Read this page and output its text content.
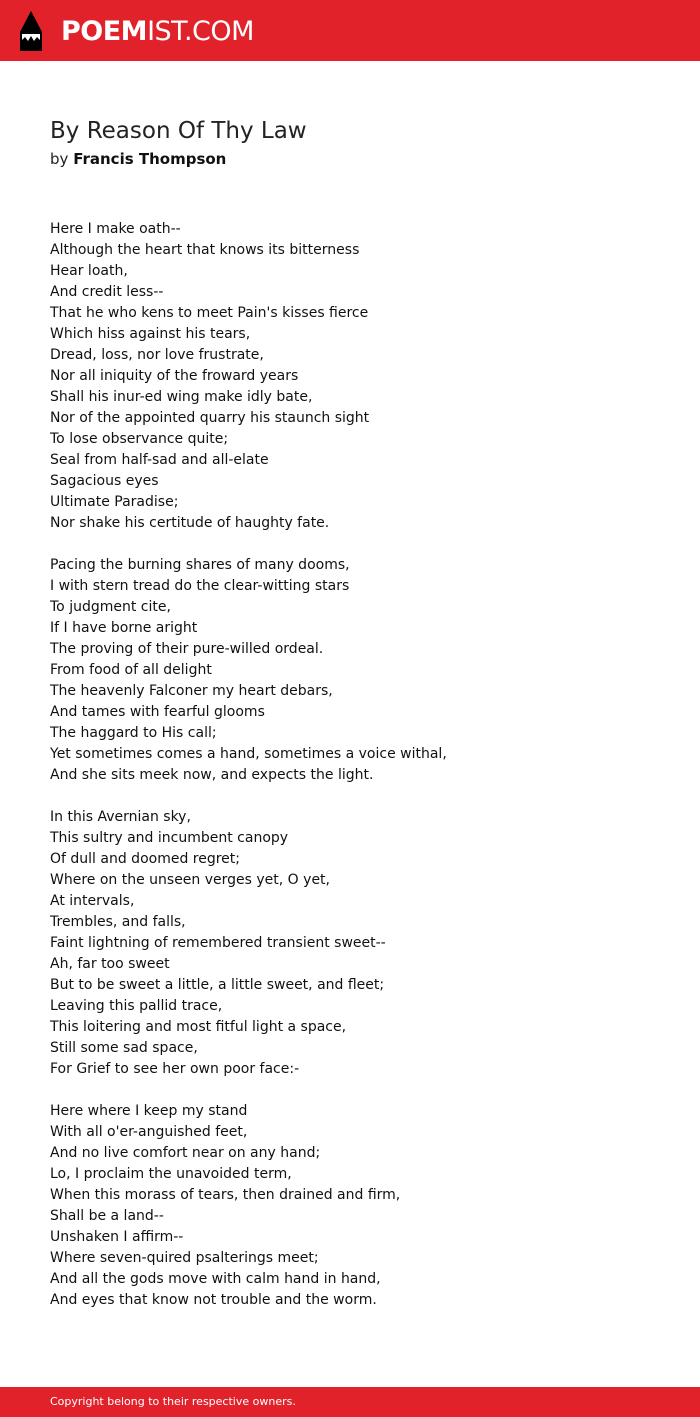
POEMIST.COM
By Reason Of Thy Law
by Francis Thompson
Here I make oath--
Although the heart that knows its bitterness
Hear loath,
And credit less--
That he who kens to meet Pain's kisses fierce
Which hiss against his tears,
Dread, loss, nor love frustrate,
Nor all iniquity of the froward years
Shall his inur-ed wing make idly bate,
Nor of the appointed quarry his staunch sight
To lose observance quite;
Seal from half-sad and all-elate
Sagacious eyes
Ultimate Paradise;
Nor shake his certitude of haughty fate.
Pacing the burning shares of many dooms,
I with stern tread do the clear-witting stars
To judgment cite,
If I have borne aright
The proving of their pure-willed ordeal.
From food of all delight
The heavenly Falconer my heart debars,
And tames with fearful glooms
The haggard to His call;
Yet sometimes comes a hand, sometimes a voice withal,
And she sits meek now, and expects the light.
In this Avernian sky,
This sultry and incumbent canopy
Of dull and doomed regret;
Where on the unseen verges yet, O yet,
At intervals,
Trembles, and falls,
Faint lightning of remembered transient sweet--
Ah, far too sweet
But to be sweet a little, a little sweet, and fleet;
Leaving this pallid trace,
This loitering and most fitful light a space,
Still some sad space,
For Grief to see her own poor face:-
Here where I keep my stand
With all o'er-anguished feet,
And no live comfort near on any hand;
Lo, I proclaim the unavoided term,
When this morass of tears, then drained and firm,
Shall be a land--
Unshaken I affirm--
Where seven-quired psalterings meet;
And all the gods move with calm hand in hand,
And eyes that know not trouble and the worm.
Copyright belong to their respective owners.
